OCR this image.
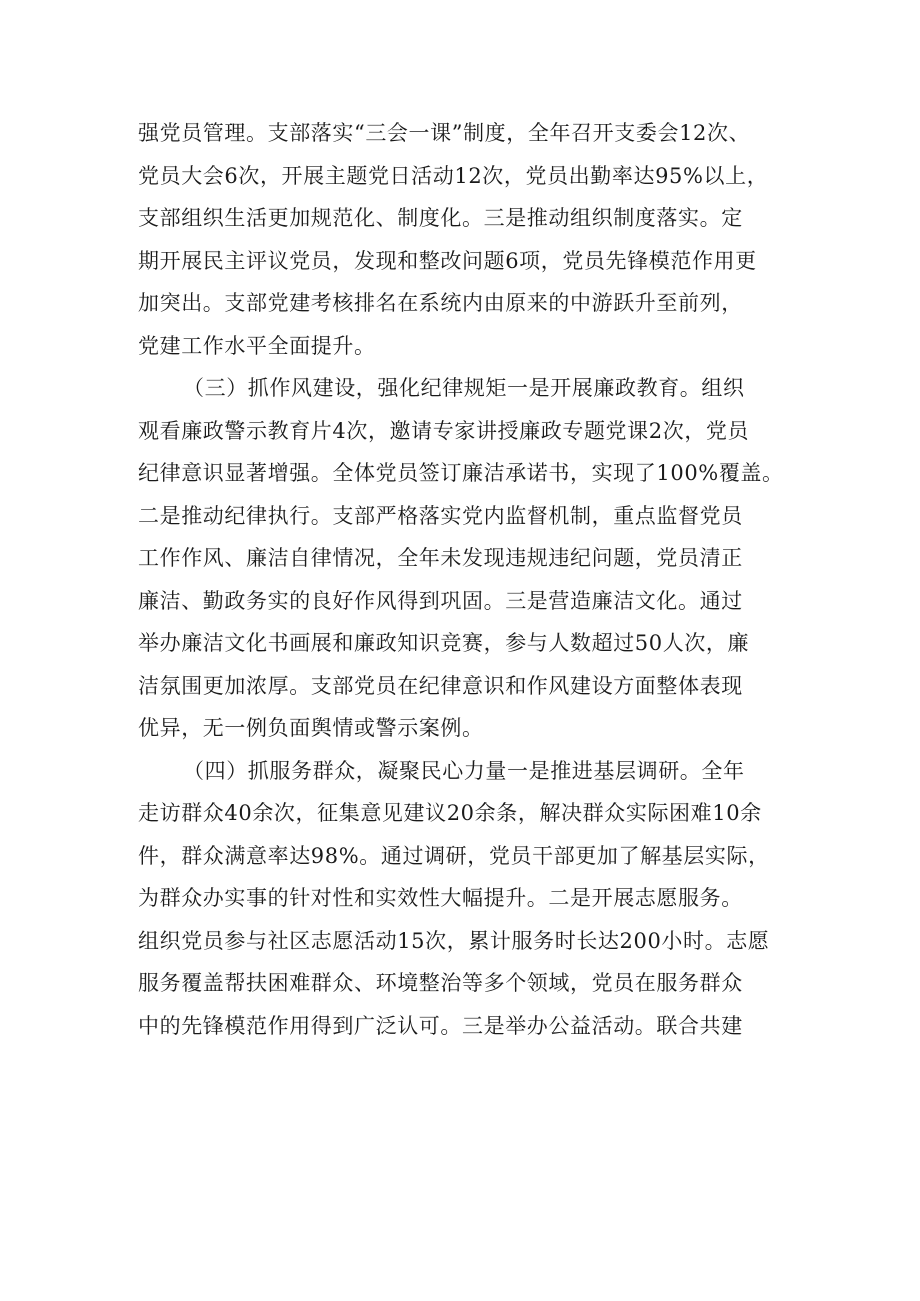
强党员管理。支部落实“三会一课”制度，全年召开支委会12次、
党员大会6次，开展主题党日活动12次，党员出勤率达95%以上，
支部组织生活更加规范化、制度化。三是推动组织制度落实。定
期开展民主评议党员，发现和整改问题6项，党员先锋模范作用更
加突出。支部党建考核排名在系统内由原来的中游跃升至前列，
党建工作水平全面提升。
（三）抓作风建设，强化纪律规矩一是开展廉政教育。组织
观看廉政警示教育片4次，邀请专家讲授廉政专题党课2次，党员
纪律意识显著增强。全体党员签订廉洁承诺书，实现了100%覆盖。
二是推动纪律执行。支部严格落实党内监督机制，重点监督党员
工作作风、廉洁自律情况，全年未发现违规违纪问题，党员清正
廉洁、勤政务实的良好作风得到巩固。三是营造廉洁文化。通过
举办廉洁文化书画展和廉政知识竞赛，参与人数超过50人次，廉
洁氛围更加浓厚。支部党员在纪律意识和作风建设方面整体表现
优异，无一例负面舆情或警示案例。
（四）抓服务群众，凝聚民心力量一是推进基层调研。全年
走访群众40余次，征集意见建议20余条，解决群众实际困难10余
件，群众满意率达98%。通过调研，党员干部更加了解基层实际，
为群众办实事的针对性和实效性大幅提升。二是开展志愿服务。
组织党员参与社区志愿活动15次，累计服务时长达200小时。志愿
服务覆盖帮扶困难群众、环境整治等多个领域，党员在服务群众
中的先锋模范作用得到广泛认可。三是举办公益活动。联合共建
